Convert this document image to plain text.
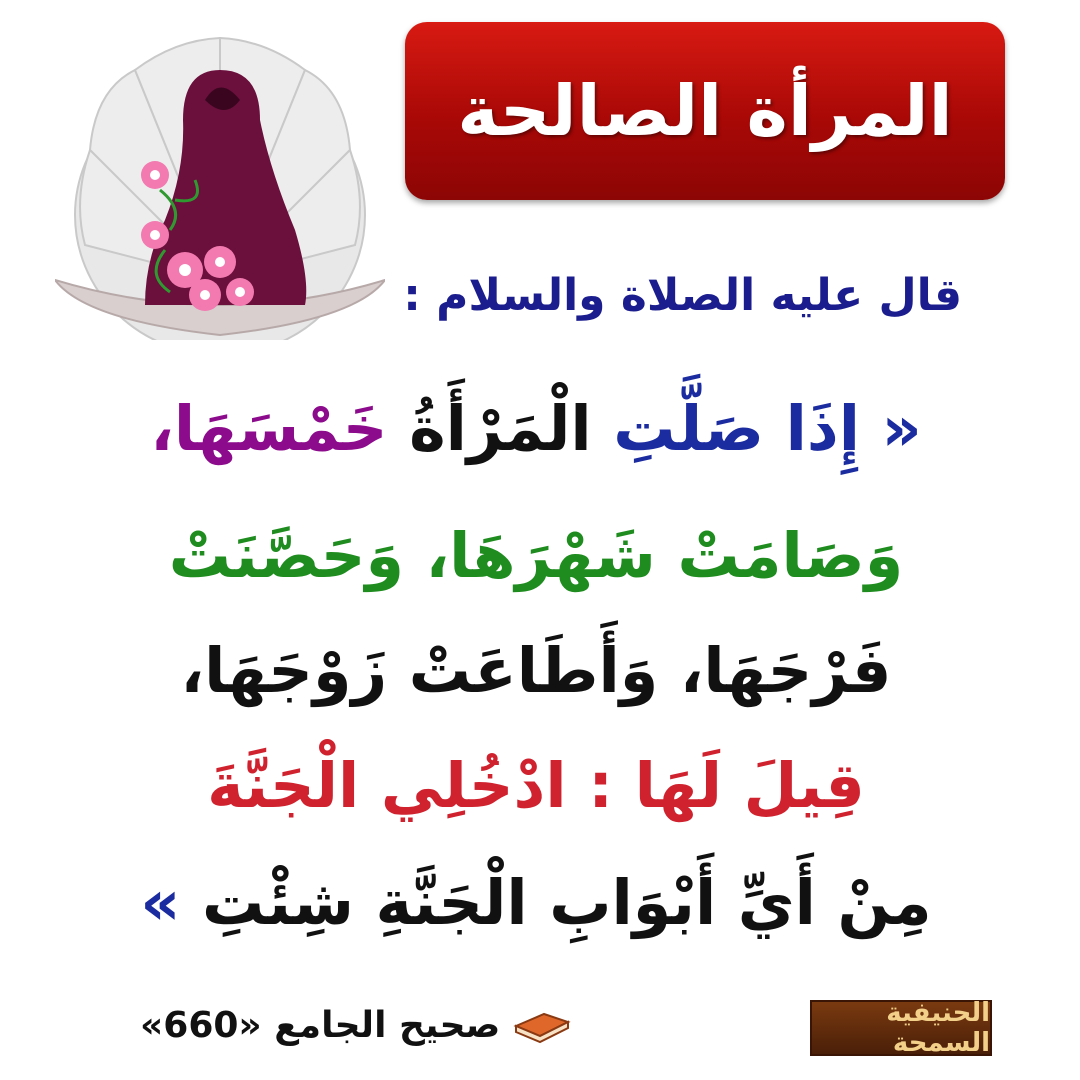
المرأة الصالحة
قال عليه الصلاة والسلام :
« إِذَا صَلَّتِ الْمَرْأَةُ خَمْسَهَا،
وَصَامَتْ شَهْرَهَا، وَحَصَّنَتْ
فَرْجَهَا، وَأَطَاعَتْ زَوْجَهَا،
قِيلَ لَهَا : ادْخُلِي الْجَنَّةَ
مِنْ أَيِّ أَبْوَابِ الْجَنَّةِ شِئْتِ »
صحيح الجامع «660»	الحنيفية السمحة
